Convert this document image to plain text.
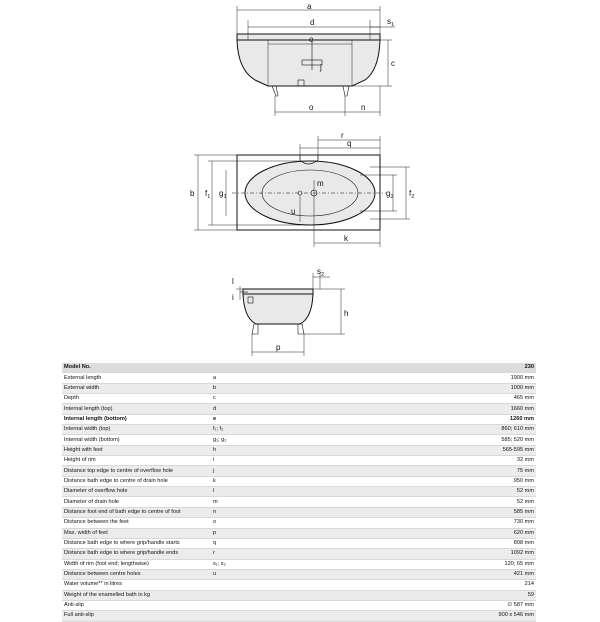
a
d	$s_1$
e
c
j
o	n
r
q
b $f_1$ $g_1$	$g_2$ $f_2$
m
u
k
$s_2$
l
i
h
p
Model No.		230
External length	a	1900 mm
External width	b	1000 mm
Depth	c	465 mm
Internal length (top)	d	1660 mm
Internal length (bottom)	e	1260 mm
Internal width (top)	f₁; f₂	860; 610 mm
Internal width (bottom)	g₁; g₂	585; 520 mm
Height with feet	h	565-595 mm
Height of rim	i	32 mm
Distance top edge to centre of overflow hole	j	75 mm
Distance bath edge to centre of drain hole	k	950 mm
Diameter of overflow hole	l	52 mm
Diameter of drain hole	m	52 mm
Distance foot end of bath edge to centre of foot	n	585 mm
Distance between the feet	o	730 mm
Max. width of feet	p	620 mm
Distance bath edge to where grip/handle starts	q	808 mm
Distance bath edge to where grip/handle ends	r	1092 mm
Width of rim (foot end; lengthwise)	s₁; s₂	120; 65 mm
Distance between centre holes	u	421 mm
Water volume** in litres		214
Weight of the enamelled bath in kg		59
Anti-slip		∅ 587 mm
Full anti-slip		900 x 546 mm
